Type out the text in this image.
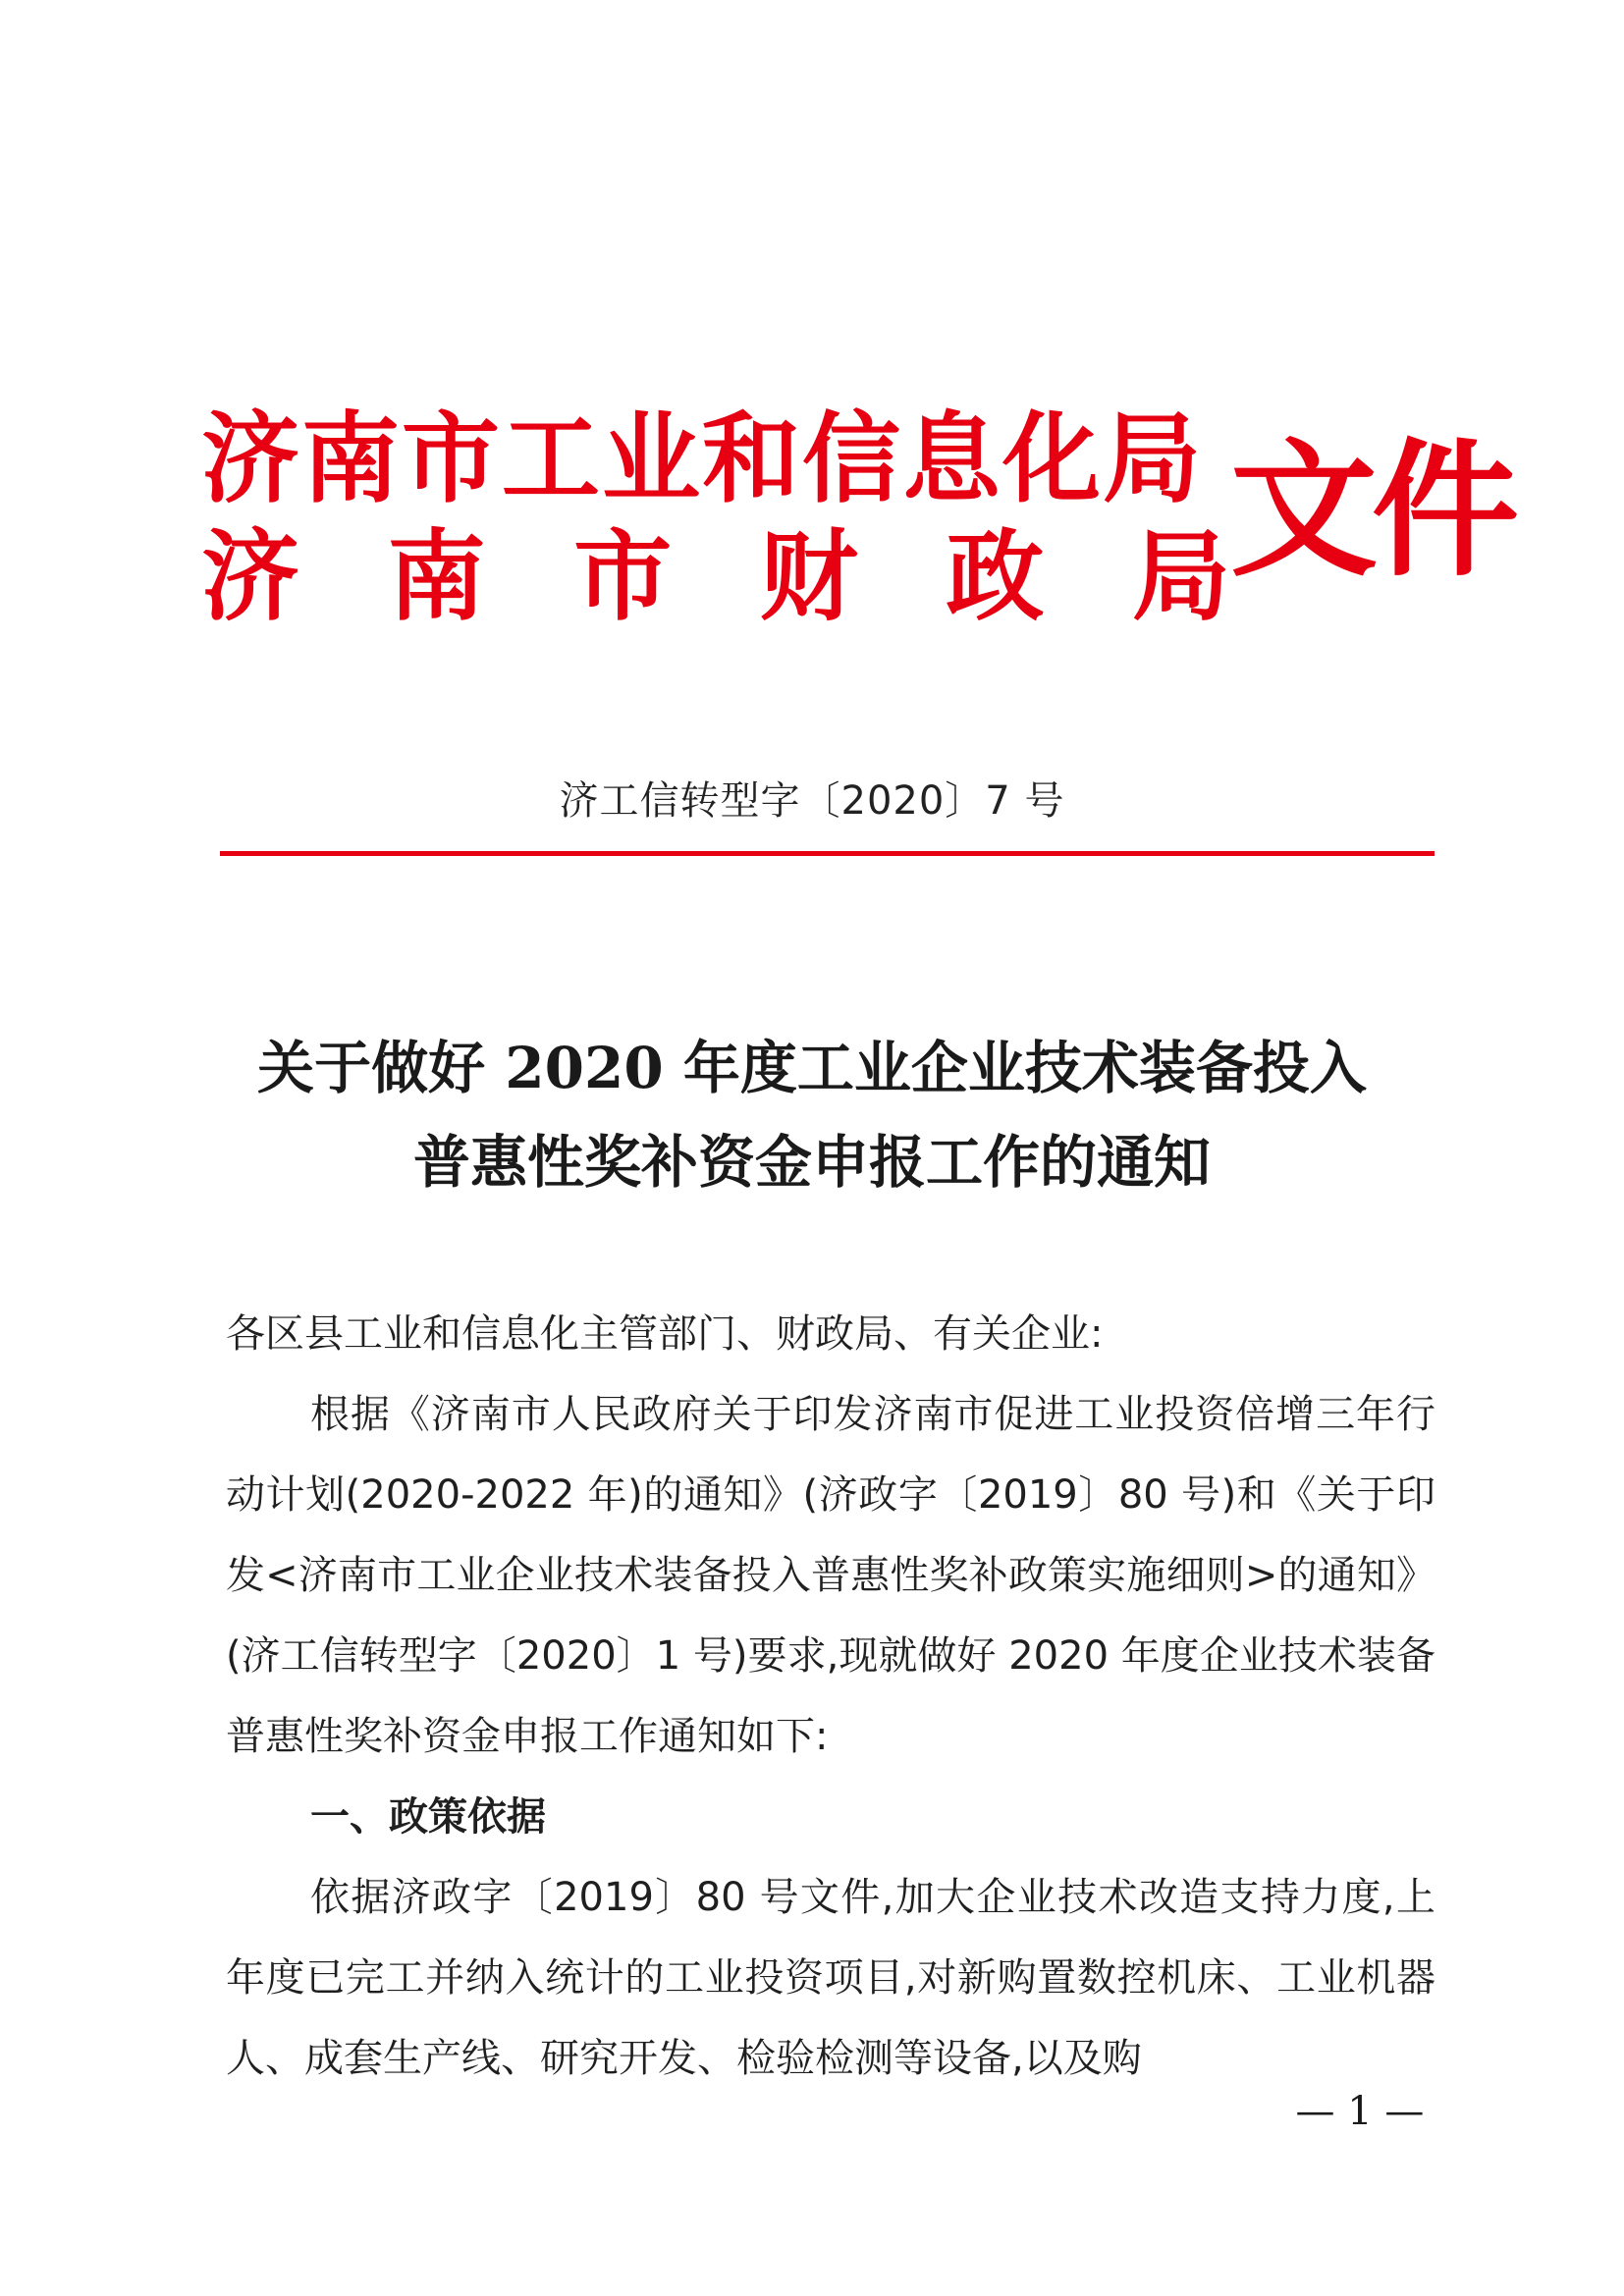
济南市工业和信息化局
济 南 市 财 政 局 文件
济工信转型字〔2020〕7 号
关于做好 2020 年度工业企业技术装备投入
普惠性奖补资金申报工作的通知

各区县工业和信息化主管部门、财政局、有关企业:

根据《济南市人民政府关于印发济南市促进工业投资倍增三年行动计划(2020-2022 年)的通知》(济政字〔2019〕80 号)和《关于印发<济南市工业企业技术装备投入普惠性奖补政策实施细则>的通知》(济工信转型字〔2020〕1 号)要求,现就做好 2020 年度企业技术装备普惠性奖补资金申报工作通知如下:

一、政策依据

依据济政字〔2019〕80 号文件,加大企业技术改造支持力度,上年度已完工并纳入统计的工业投资项目,对新购置数控机床、工业机器人、成套生产线、研究开发、检验检测等设备,以及购

— 1 —
